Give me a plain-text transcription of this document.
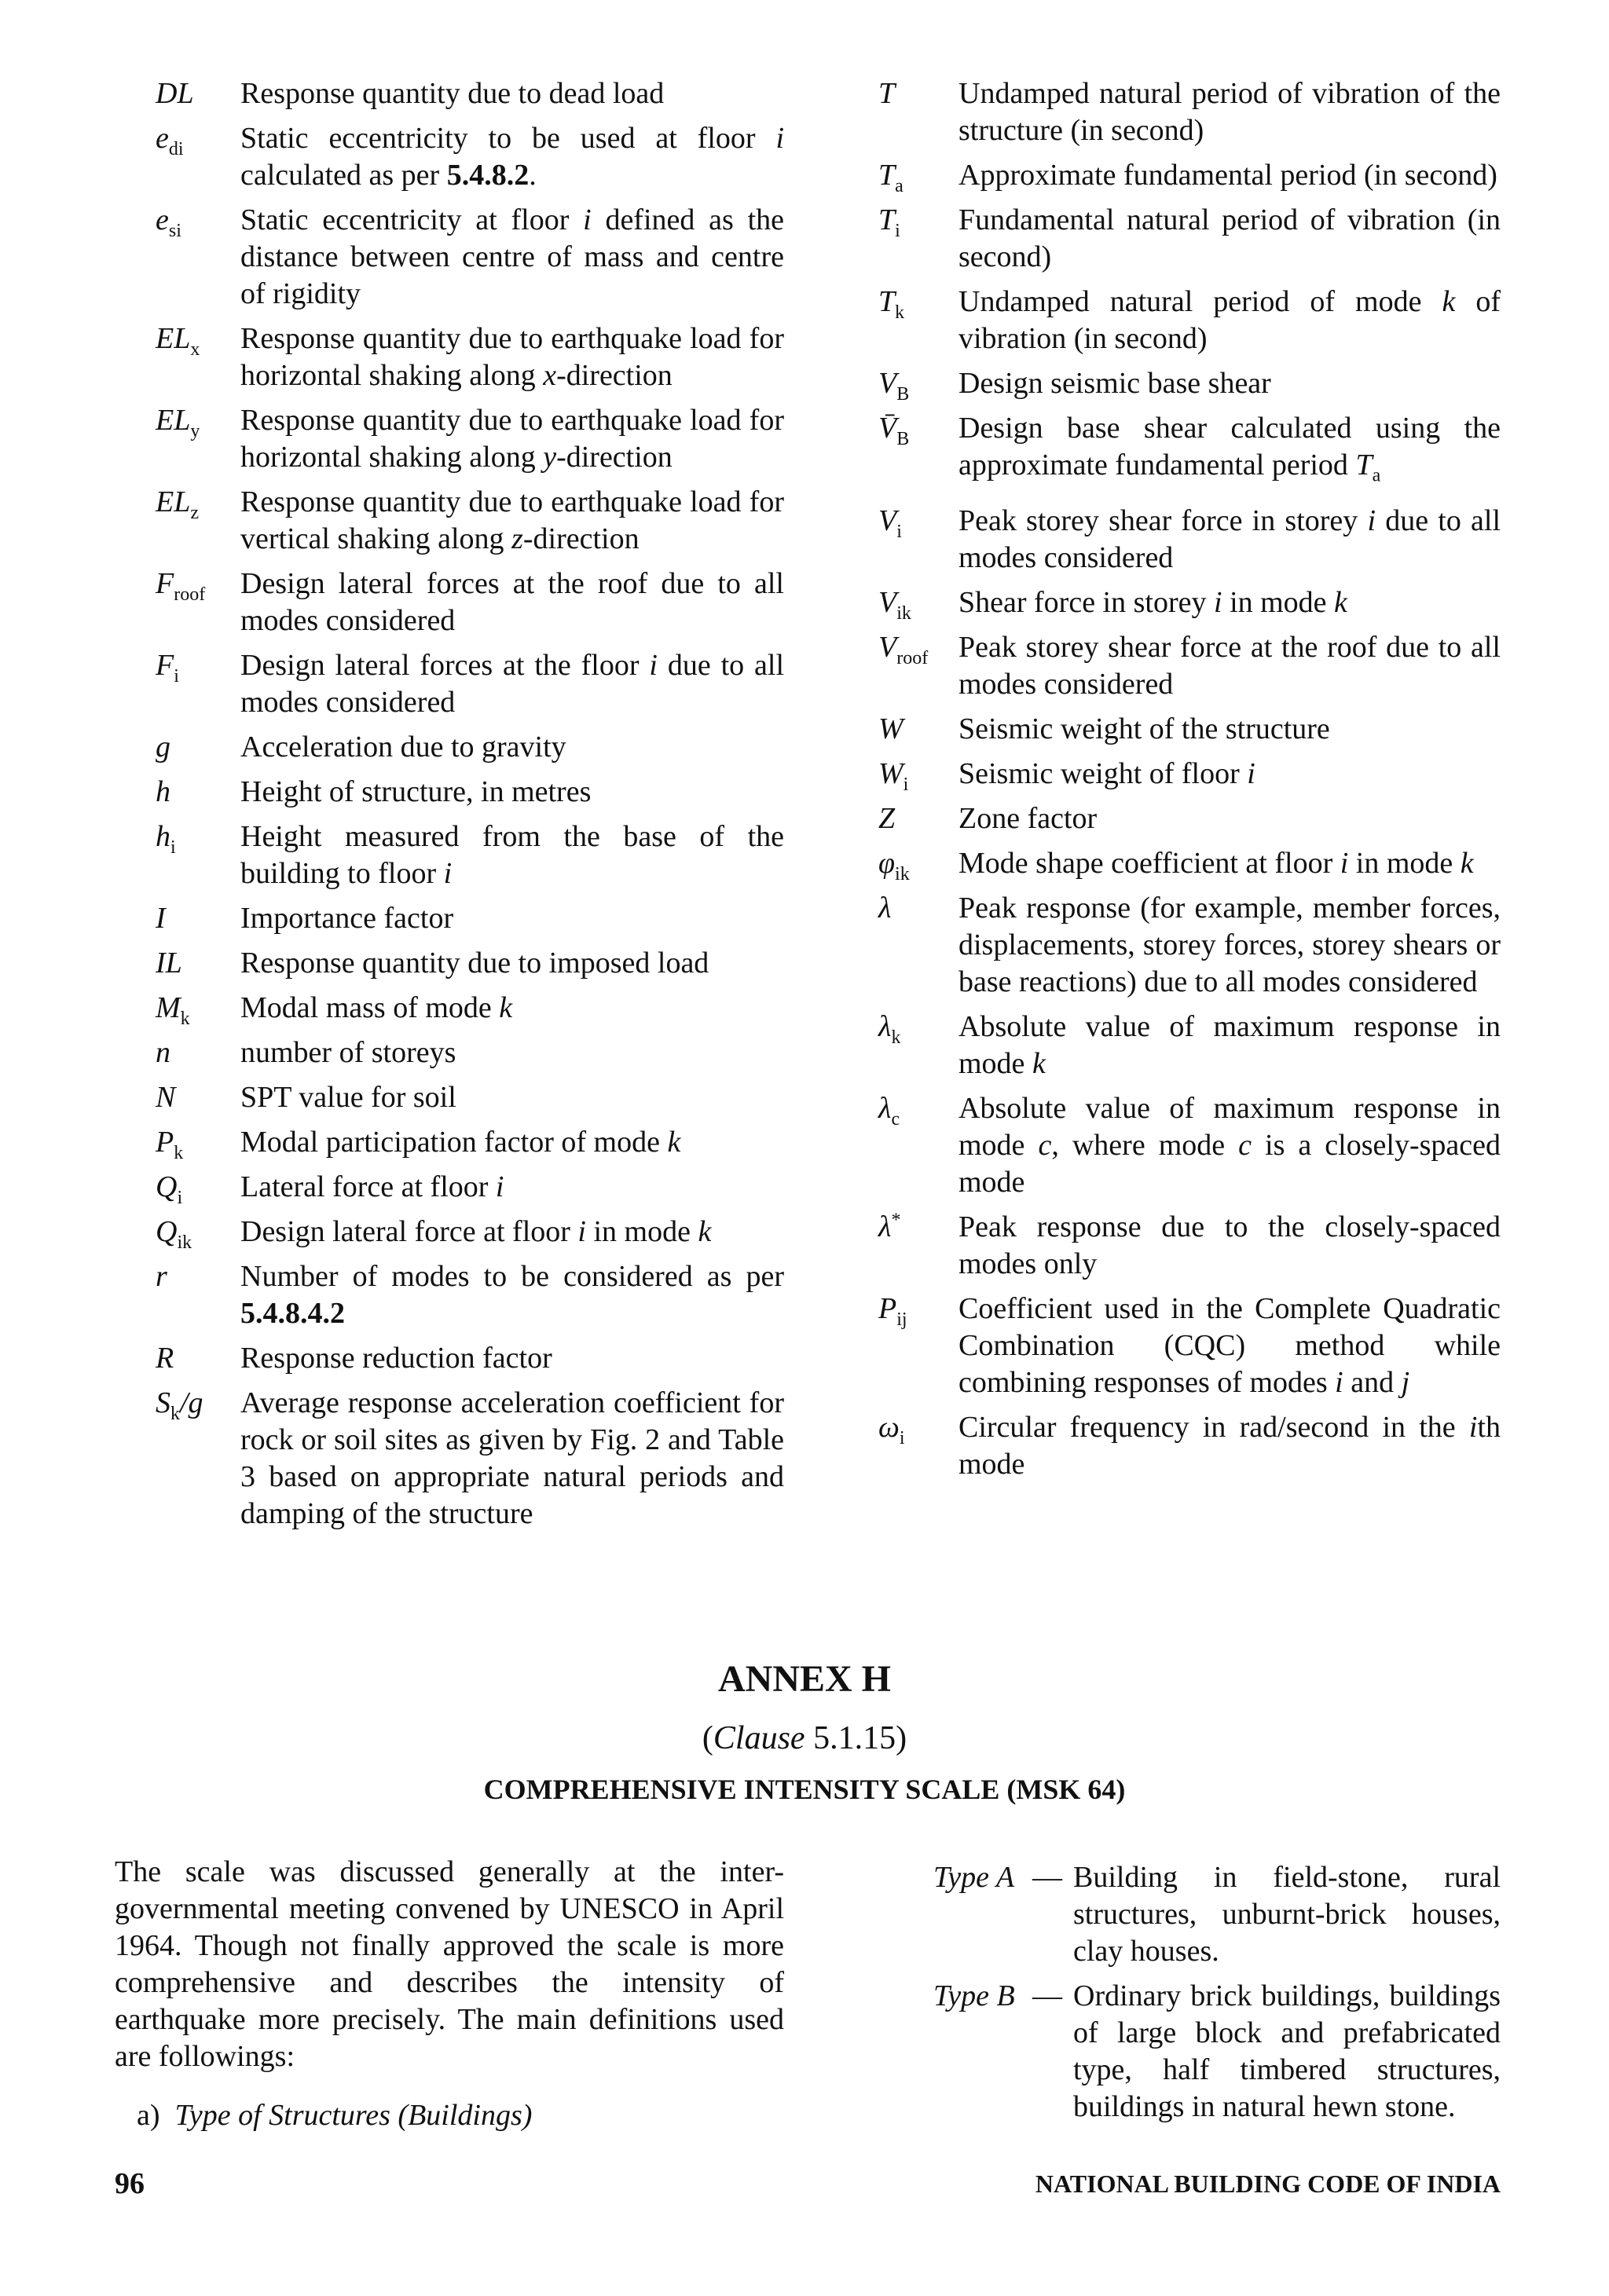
DL	Response quantity due to dead load
$e_{di}$	Static eccentricity to be used at floor i calculated as per 5.4.8.2.
$e_{si}$	Static eccentricity at floor i defined as the distance between centre of mass and centre of rigidity
$EL_x$	Response quantity due to earthquake load for horizontal shaking along x-direction
$EL_y$	Response quantity due to earthquake load for horizontal shaking along y-direction
$EL_z$	Response quantity due to earthquake load for vertical shaking along z-direction
$F_{roof}$	Design lateral forces at the roof due to all modes considered
$F_i$	Design lateral forces at the floor i due to all modes considered
g	Acceleration due to gravity
h	Height of structure, in metres
$h_i$	Height measured from the base of the building to floor i
I	Importance factor
IL	Response quantity due to imposed load
$M_k$	Modal mass of mode k
n	number of storeys
N	SPT value for soil
$P_k$	Modal participation factor of mode k
$Q_i$	Lateral force at floor i
$Q_{ik}$	Design lateral force at floor i in mode k
r	Number of modes to be considered as per 5.4.8.4.2
R	Response reduction factor
$S_k/g$	Average response acceleration coefficient for rock or soil sites as given by Fig. 2 and Table 3 based on appropriate natural periods and damping of the structure
T	Undamped natural period of vibration of the structure (in second)
$T_a$	Approximate fundamental period (in second)
$T_i$	Fundamental natural period of vibration (in second)
$T_k$	Undamped natural period of mode k of vibration (in second)
$V_B$	Design seismic base shear
$V̄_B$	Design base shear calculated using the approximate fundamental period $T_a$
$V_i$	Peak storey shear force in storey i due to all modes considered
$V_{ik}$	Shear force in storey i in mode k
$V_{roof}$	Peak storey shear force at the roof due to all modes considered
W	Seismic weight of the structure
$W_i$	Seismic weight of floor i
Z	Zone factor
$\varphi_{ik}$	Mode shape coefficient at floor i in mode k
λ	Peak response (for example, member forces, displacements, storey forces, storey shears or base reactions) due to all modes considered
$\lambda_k$	Absolute value of maximum response in mode k
$\lambda_c$	Absolute value of maximum response in mode c, where mode c is a closely-spaced mode
λ*	Peak response due to the closely-spaced modes only
$P_{ij}$	Coefficient used in the Complete Quadratic Combination (CQC) method while combining responses of modes i and j
$\omega_i$	Circular frequency in rad/second in the ith mode
ANNEX H
(Clause 5.1.15)
COMPREHENSIVE INTENSITY SCALE (MSK 64)
The scale was discussed generally at the inter-governmental meeting convened by UNESCO in April 1964. Though not finally approved the scale is more comprehensive and describes the intensity of earthquake more precisely. The main definitions used are followings:
a) Type of Structures (Buildings)
Type A — Building in field-stone, rural structures, unburnt-brick houses, clay houses.
Type B — Ordinary brick buildings, buildings of large block and prefabricated type, half timbered structures, buildings in natural hewn stone.
96	NATIONAL BUILDING CODE OF INDIA
